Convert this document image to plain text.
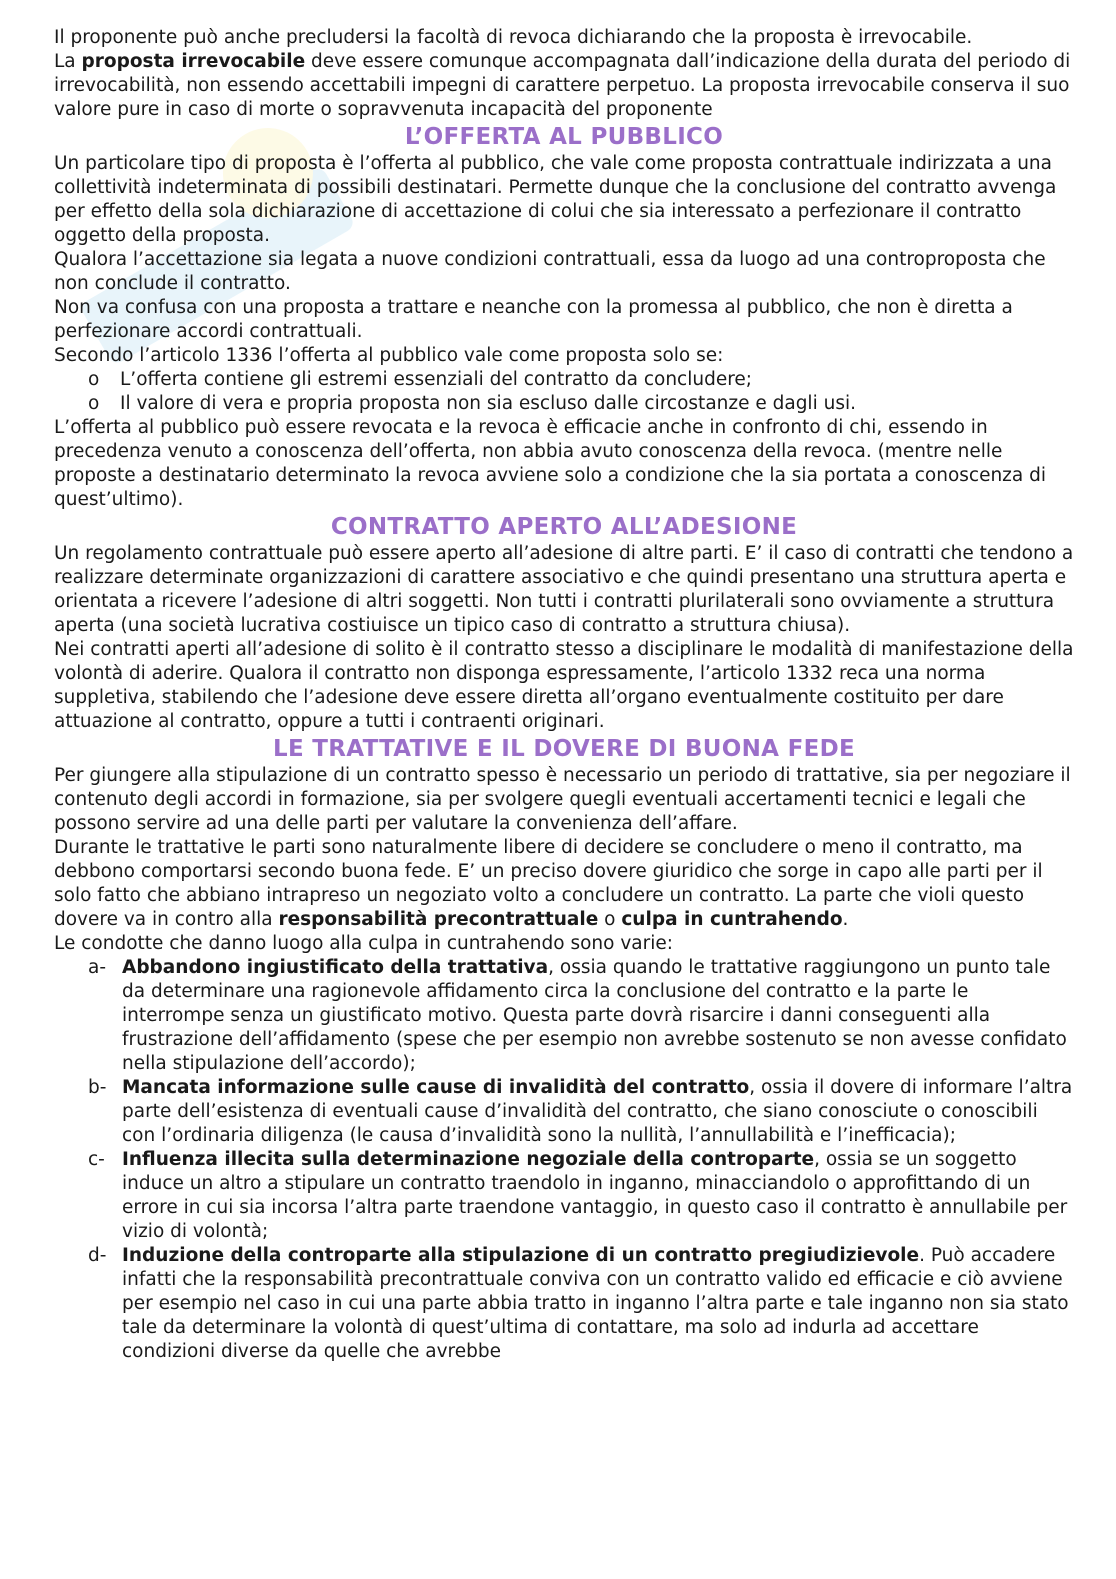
Il proponente può anche precludersi la facoltà di revoca dichiarando che la proposta è irrevocabile.

La proposta irrevocabile deve essere comunque accompagnata dall’indicazione della durata del periodo di irrevocabilità, non essendo accettabili impegni di carattere perpetuo. La proposta irrevocabile conserva il suo valore pure in caso di morte o sopravvenuta incapacità del proponente

L’OFFERTA AL PUBBLICO

Un particolare tipo di proposta è l’offerta al pubblico, che vale come proposta contrattuale indirizzata a una collettività indeterminata di possibili destinatari. Permette dunque che la conclusione del contratto avvenga per effetto della sola dichiarazione di accettazione di colui che sia interessato a perfezionare il contratto oggetto della proposta.

Qualora l’accettazione sia legata a nuove condizioni contrattuali, essa da luogo ad una controproposta che non conclude il contratto.

Non va confusa con una proposta a trattare e neanche con la promessa al pubblico, che non è diretta a perfezionare accordi contrattuali.

Secondo l’articolo 1336 l’offerta al pubblico vale come proposta solo se:

o L’offerta contiene gli estremi essenziali del contratto da concludere;
o Il valore di vera e propria proposta non sia escluso dalle circostanze e dagli usi.

L’offerta al pubblico può essere revocata e la revoca è efficacie anche in confronto di chi, essendo in precedenza venuto a conoscenza dell’offerta, non abbia avuto conoscenza della revoca. (mentre nelle proposte a destinatario determinato la revoca avviene solo a condizione che la sia portata a conoscenza di quest’ultimo).

CONTRATTO APERTO ALL’ADESIONE

Un regolamento contrattuale può essere aperto all’adesione di altre parti. E’ il caso di contratti che tendono a realizzare determinate organizzazioni di carattere associativo e che quindi presentano una struttura aperta e orientata a ricevere l’adesione di altri soggetti. Non tutti i contratti plurilaterali sono ovviamente a struttura aperta (una società lucrativa costiuisce un tipico caso di contratto a struttura chiusa).

Nei contratti aperti all’adesione di solito è il contratto stesso a disciplinare le modalità di manifestazione della volontà di aderire. Qualora il contratto non disponga espressamente, l’articolo 1332 reca una norma suppletiva, stabilendo che l’adesione deve essere diretta all’organo eventualmente costituito per dare attuazione al contratto, oppure a tutti i contraenti originari.

LE TRATTATIVE E IL DOVERE DI BUONA FEDE

Per giungere alla stipulazione di un contratto spesso è necessario un periodo di trattative, sia per negoziare il contenuto degli accordi in formazione, sia per svolgere quegli eventuali accertamenti tecnici e legali che possono servire ad una delle parti per valutare la convenienza dell’affare.

Durante le trattative le parti sono naturalmente libere di decidere se concludere o meno il contratto, ma debbono comportarsi secondo buona fede. E’ un preciso dovere giuridico che sorge in capo alle parti per il solo fatto che abbiano intrapreso un negoziato volto a concludere un contratto. La parte che violi questo dovere va in contro alla responsabilità precontrattuale o culpa in cuntrahendo.

Le condotte che danno luogo alla culpa in cuntrahendo sono varie:

a- Abbandono ingiustificato della trattativa, ossia quando le trattative raggiungono un punto tale da determinare una ragionevole affidamento circa la conclusione del contratto e la parte le interrompe senza un giustificato motivo. Questa parte dovrà risarcire i danni conseguenti alla frustrazione dell’affidamento (spese che per esempio non avrebbe sostenuto se non avesse confidato nella stipulazione dell’accordo);
b- Mancata informazione sulle cause di invalidità del contratto, ossia il dovere di informare l’altra parte dell’esistenza di eventuali cause d’invalidità del contratto, che siano conosciute o conoscibili con l’ordinaria diligenza (le causa d’invalidità sono la nullità, l’annullabilità e l’inefficacia);
c- Influenza illecita sulla determinazione negoziale della controparte, ossia se un soggetto induce un altro a stipulare un contratto traendolo in inganno, minacciandolo o approfittando di un errore in cui sia incorsa l’altra parte traendone vantaggio, in questo caso il contratto è annullabile per vizio di volontà;
d- Induzione della controparte alla stipulazione di un contratto pregiudizievole. Può accadere infatti che la responsabilità precontrattuale conviva con un contratto valido ed efficacie e ciò avviene per esempio nel caso in cui una parte abbia tratto in inganno l’altra parte e tale inganno non sia stato tale da determinare la volontà di quest’ultima di contattare, ma solo ad indurla ad accettare condizioni diverse da quelle che avrebbe
